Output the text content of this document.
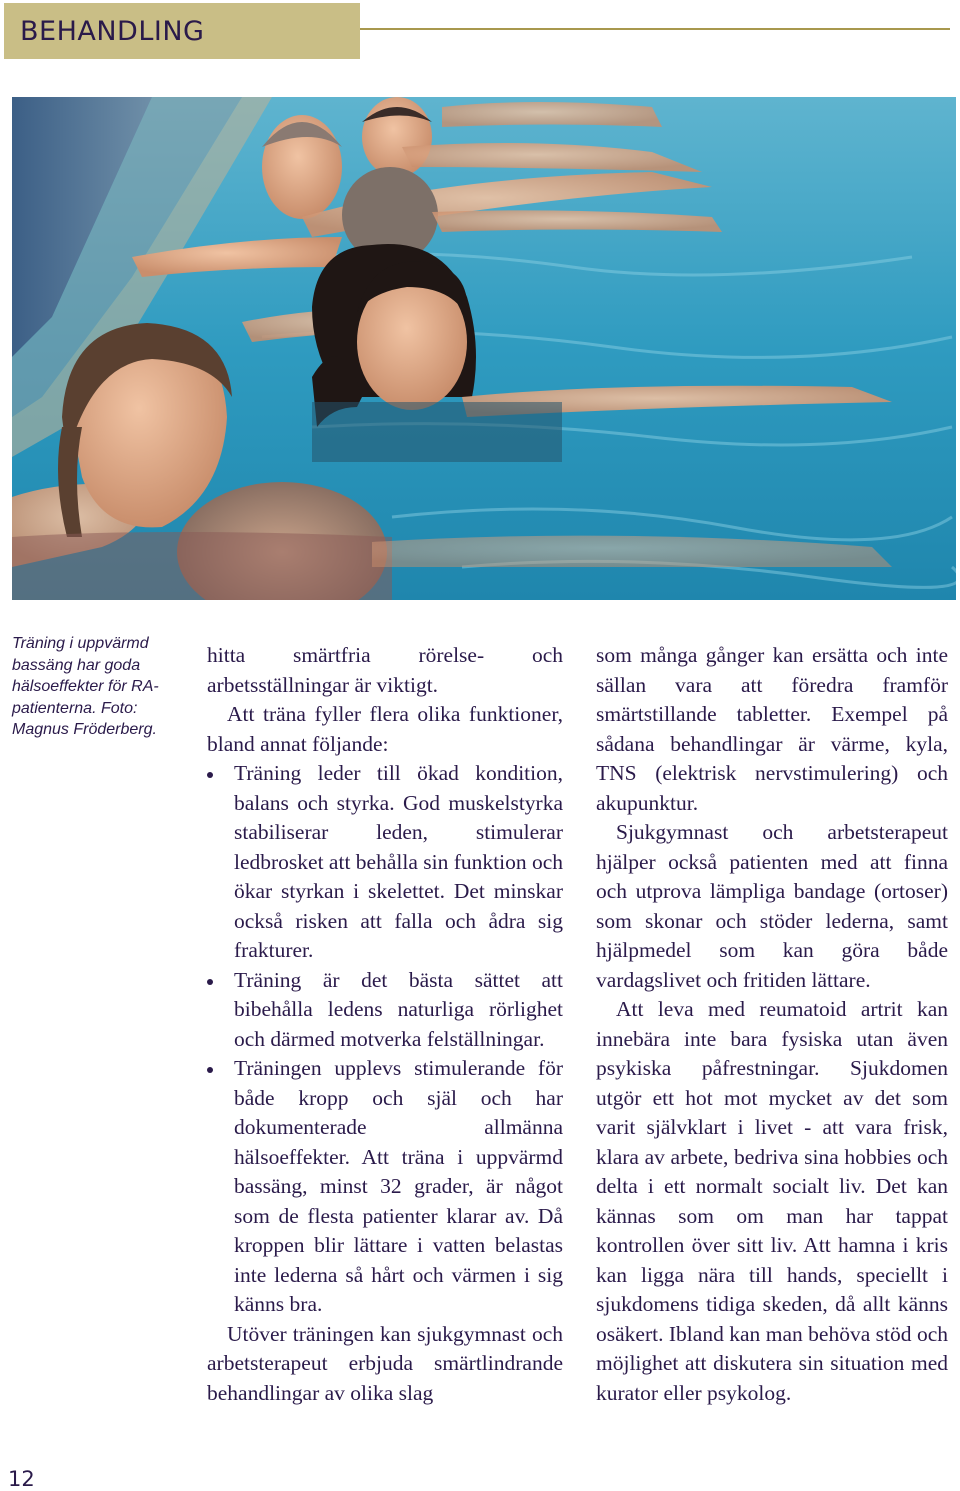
BEHANDLING
Träning i uppvärmd bassäng har goda hälsoeffekter för RA-patienterna. Foto: Magnus Fröderberg.

hitta smärtfria rörelse- och arbetsställningar är viktigt.

Att träna fyller flera olika funktioner, bland annat följande:

Träning leder till ökad kondition, balans och styrka. God muskelstyrka stabiliserar leden, stimulerar ledbrosket att behålla sin funktion och ökar styrkan i skelettet. Det minskar också risken att falla och ådra sig frakturer.
Träning är det bästa sättet att bibehålla ledens naturliga rörlighet och därmed motverka felställningar.
Träningen upplevs stimulerande för både kropp och själ och har dokumenterade allmänna hälsoeffekter. Att träna i uppvärmd bassäng, minst 32 grader, är något som de flesta patienter klarar av. Då kroppen blir lättare i vatten belastas inte lederna så hårt och värmen i sig känns bra.

Utöver träningen kan sjukgymnast och arbetsterapeut erbjuda smärtlindrande behandlingar av olika slag

som många gånger kan ersätta och inte sällan vara att föredra framför smärtstillande tabletter. Exempel på sådana behandlingar är värme, kyla, TNS (elektrisk nervstimulering) och akupunktur.

Sjukgymnast och arbetsterapeut hjälper också patienten med att finna och utprova lämpliga bandage (ortoser) som skonar och stöder lederna, samt hjälpmedel som kan göra både vardagslivet och fritiden lättare.

Att leva med reumatoid artrit kan innebära inte bara fysiska utan även psykiska påfrestningar. Sjukdomen utgör ett hot mot mycket av det som varit självklart i livet - att vara frisk, klara av arbete, bedriva sina hobbies och delta i ett normalt socialt liv. Det kan kännas som om man har tappat kontrollen över sitt liv. Att hamna i kris kan ligga nära till hands, speciellt i sjukdomens tidiga skeden, då allt känns osäkert. Ibland kan man behöva stöd och möjlighet att diskutera sin situation med kurator eller psykolog.

12
